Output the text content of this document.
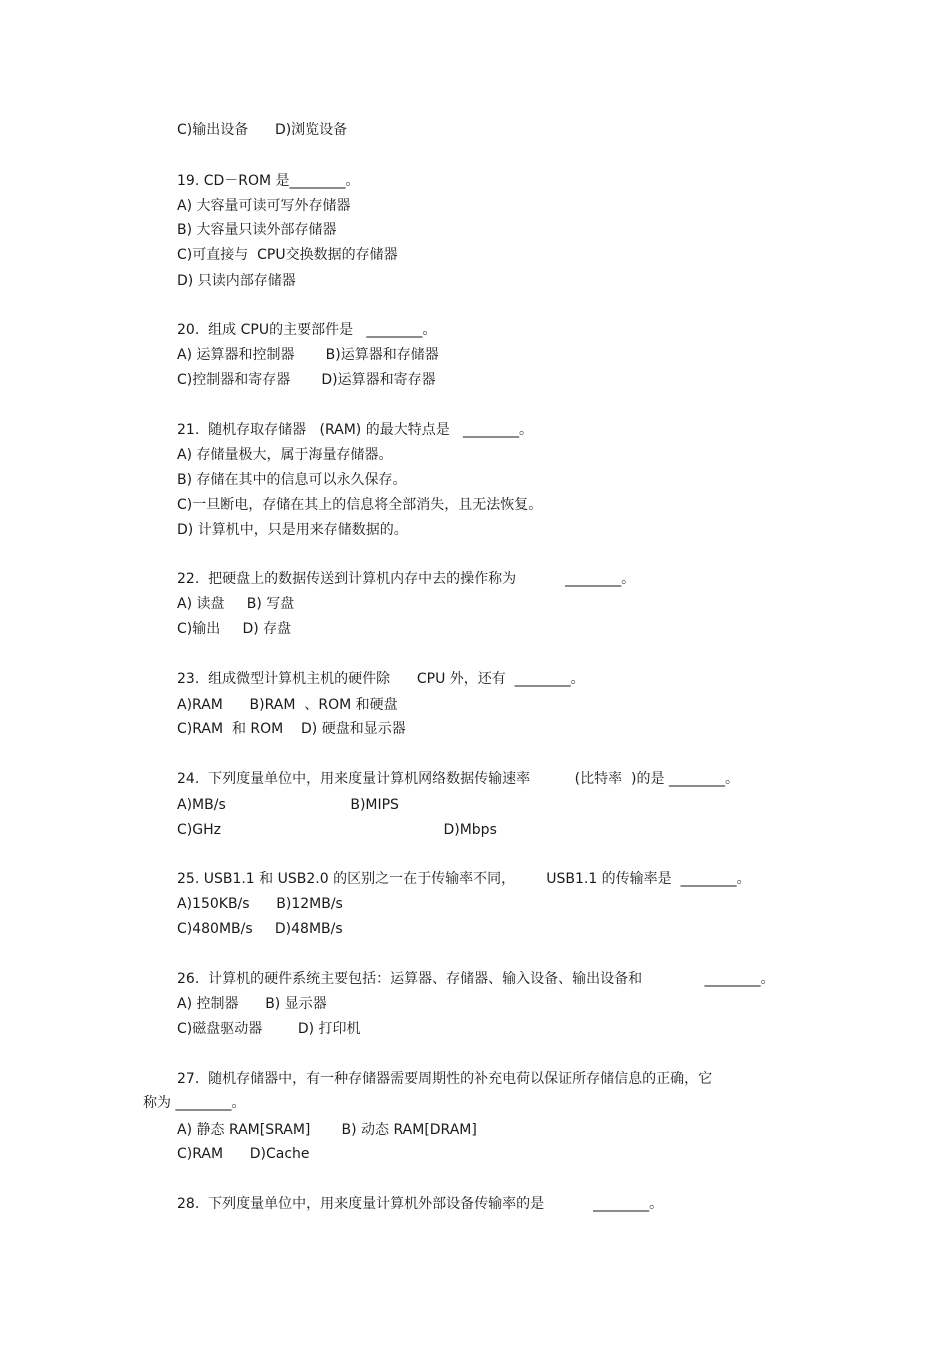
C)输出设备      D)浏览设备
19. CD－ROM 是________。
A) 大容量可读可写外存储器
B) 大容量只读外部存储器
C)可直接与  CPU交换数据的存储器
D) 只读内部存储器
20.  组成 CPU的主要部件是   ________。
A) 运算器和控制器       B)运算器和存储器
C)控制器和寄存器       D)运算器和寄存器
21.  随机存取存储器   (RAM) 的最大特点是   ________。
A) 存储量极大，属于海量存储器。
B) 存储在其中的信息可以永久保存。
C)一旦断电，存储在其上的信息将全部消失，且无法恢复。
D) 计算机中，只是用来存储数据的。
22.  把硬盘上的数据传送到计算机内存中去的操作称为           ________。
A) 读盘     B) 写盘
C)输出     D) 存盘
23.  组成微型计算机主机的硬件除      CPU 外，还有  ________。
A)RAM      B)RAM  、ROM 和硬盘
C)RAM  和 ROM    D) 硬盘和显示器
24.  下列度量单位中，用来度量计算机网络数据传输速率          (比特率  )的是 ________。
A)MB/s                            B)MIPS
C)GHz                                                  D)Mbps
25. USB1.1 和 USB2.0 的区别之一在于传输率不同，       USB1.1 的传输率是  ________。
A)150KB/s      B)12MB/s
C)480MB/s     D)48MB/s
26.  计算机的硬件系统主要包括：运算器、存储器、输入设备、输出设备和              ________。
A) 控制器      B) 显示器
C)磁盘驱动器        D) 打印机
27.  随机存储器中，有一种存储器需要周期性的补充电荷以保证所存储信息的正确，它
称为 ________。
A) 静态 RAM[SRAM]       B) 动态 RAM[DRAM]
C)RAM      D)Cache
28.  下列度量单位中，用来度量计算机外部设备传输率的是           ________。
